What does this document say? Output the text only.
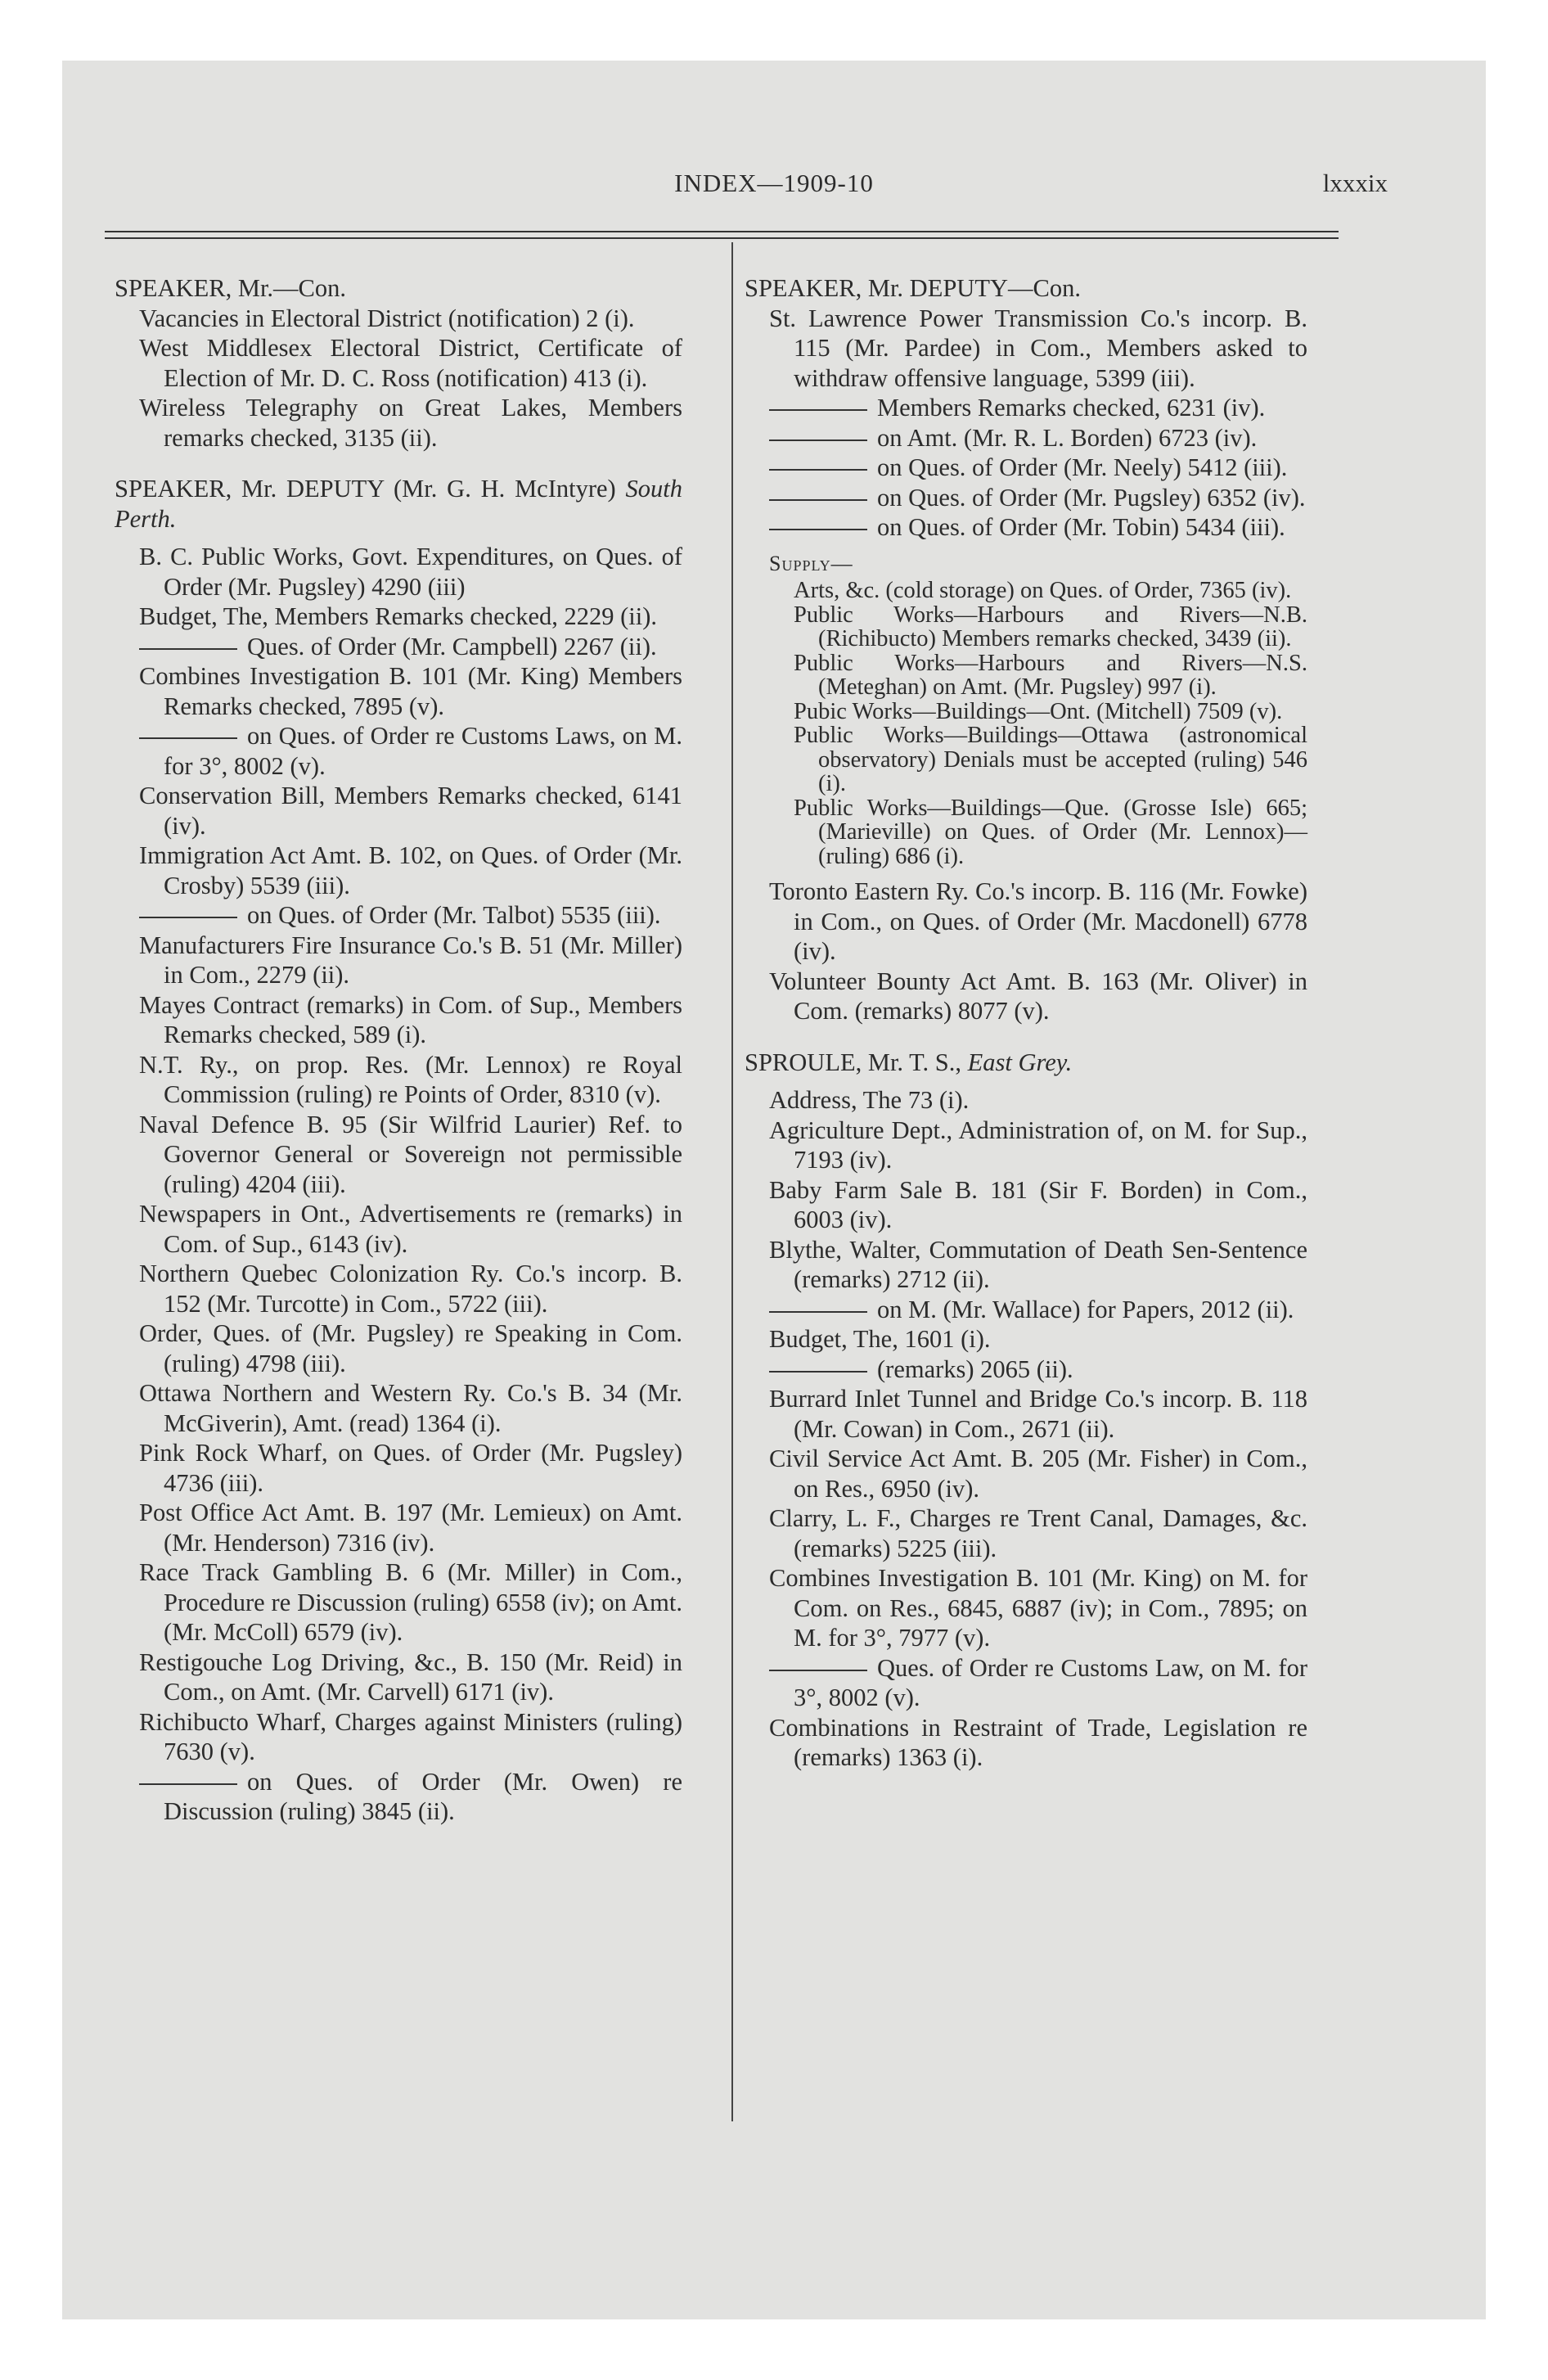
INDEX—1909-10	lxxxix
SPEAKER, Mr.—Con.
Vacancies in Electoral District (notification) 2 (i).
West Middlesex Electoral District, Certificate of Election of Mr. D. C. Ross (notification) 413 (i).
Wireless Telegraphy on Great Lakes, Members remarks checked, 3135 (ii).
SPEAKER, Mr. DEPUTY (Mr. G. H. McIntyre) South Perth.
B. C. Public Works, Govt. Expenditures, on Ques. of Order (Mr. Pugsley) 4290 (iii)
Budget, The, Members Remarks checked, 2229 (ii).
Ques. of Order (Mr. Campbell) 2267 (ii).
Combines Investigation B. 101 (Mr. King) Members Remarks checked, 7895 (v).
on Ques. of Order re Customs Laws, on M. for 3°, 8002 (v).
Conservation Bill, Members Remarks checked, 6141 (iv).
Immigration Act Amt. B. 102, on Ques. of Order (Mr. Crosby) 5539 (iii).
on Ques. of Order (Mr. Talbot) 5535 (iii).
Manufacturers Fire Insurance Co.'s B. 51 (Mr. Miller) in Com., 2279 (ii).
Mayes Contract (remarks) in Com. of Sup., Members Remarks checked, 589 (i).
N.T. Ry., on prop. Res. (Mr. Lennox) re Royal Commission (ruling) re Points of Order, 8310 (v).
Naval Defence B. 95 (Sir Wilfrid Laurier) Ref. to Governor General or Sovereign not permissible (ruling) 4204 (iii).
Newspapers in Ont., Advertisements re (remarks) in Com. of Sup., 6143 (iv).
Northern Quebec Colonization Ry. Co.'s incorp. B. 152 (Mr. Turcotte) in Com., 5722 (iii).
Order, Ques. of (Mr. Pugsley) re Speaking in Com. (ruling) 4798 (iii).
Ottawa Northern and Western Ry. Co.'s B. 34 (Mr. McGiverin), Amt. (read) 1364 (i).
Pink Rock Wharf, on Ques. of Order (Mr. Pugsley) 4736 (iii).
Post Office Act Amt. B. 197 (Mr. Lemieux) on Amt. (Mr. Henderson) 7316 (iv).
Race Track Gambling B. 6 (Mr. Miller) in Com., Procedure re Discussion (ruling) 6558 (iv); on Amt. (Mr. McColl) 6579 (iv).
Restigouche Log Driving, &c., B. 150 (Mr. Reid) in Com., on Amt. (Mr. Carvell) 6171 (iv).
Richibucto Wharf, Charges against Ministers (ruling) 7630 (v).
on Ques. of Order (Mr. Owen) re Discussion (ruling) 3845 (ii).
SPEAKER, Mr. DEPUTY—Con.
St. Lawrence Power Transmission Co.'s incorp. B. 115 (Mr. Pardee) in Com., Members asked to withdraw offensive language, 5399 (iii).
Members Remarks checked, 6231 (iv).
on Amt. (Mr. R. L. Borden) 6723 (iv).
on Ques. of Order (Mr. Neely) 5412 (iii).
on Ques. of Order (Mr. Pugsley) 6352 (iv).
on Ques. of Order (Mr. Tobin) 5434 (iii).
Supply—
Arts, &c. (cold storage) on Ques. of Order, 7365 (iv).
Public Works—Harbours and Rivers—N.B. (Richibucto) Members remarks checked, 3439 (ii).
Public Works—Harbours and Rivers—N.S. (Meteghan) on Amt. (Mr. Pugsley) 997 (i).
Pubic Works—Buildings—Ont. (Mitchell) 7509 (v).
Public Works—Buildings—Ottawa (astronomical observatory) Denials must be accepted (ruling) 546 (i).
Public Works—Buildings—Que. (Grosse Isle) 665; (Marieville) on Ques. of Order (Mr. Lennox)—(ruling) 686 (i).
Toronto Eastern Ry. Co.'s incorp. B. 116 (Mr. Fowke) in Com., on Ques. of Order (Mr. Macdonell) 6778 (iv).
Volunteer Bounty Act Amt. B. 163 (Mr. Oliver) in Com. (remarks) 8077 (v).
SPROULE, Mr. T. S., East Grey.
Address, The 73 (i).
Agriculture Dept., Administration of, on M. for Sup., 7193 (iv).
Baby Farm Sale B. 181 (Sir F. Borden) in Com., 6003 (iv).
Blythe, Walter, Commutation of Death Sen-Sentence (remarks) 2712 (ii).
on M. (Mr. Wallace) for Papers, 2012 (ii).
Budget, The, 1601 (i).
(remarks) 2065 (ii).
Burrard Inlet Tunnel and Bridge Co.'s incorp. B. 118 (Mr. Cowan) in Com., 2671 (ii).
Civil Service Act Amt. B. 205 (Mr. Fisher) in Com., on Res., 6950 (iv).
Clarry, L. F., Charges re Trent Canal, Damages, &c. (remarks) 5225 (iii).
Combines Investigation B. 101 (Mr. King) on M. for Com. on Res., 6845, 6887 (iv); in Com., 7895; on M. for 3°, 7977 (v).
Ques. of Order re Customs Law, on M. for 3°, 8002 (v).
Combinations in Restraint of Trade, Legislation re (remarks) 1363 (i).
